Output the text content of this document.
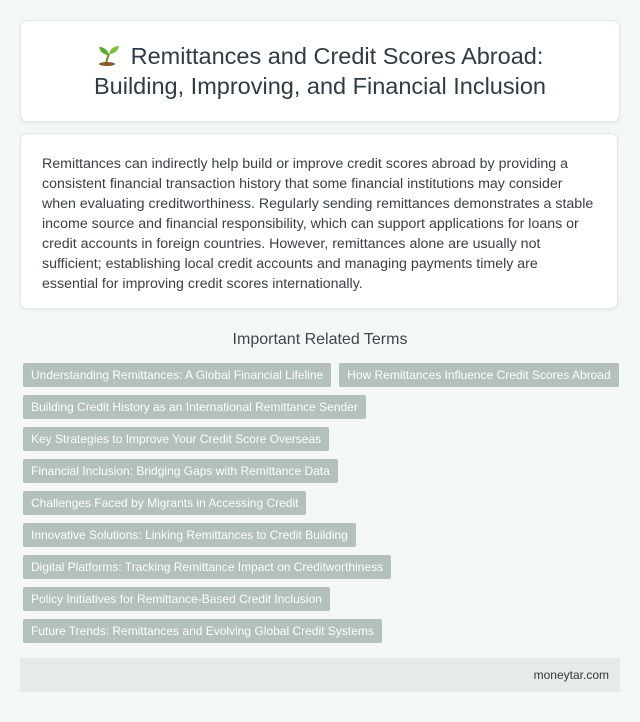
Remittances and Credit Scores Abroad: Building, Improving, and Financial Inclusion

Remittances can indirectly help build or improve credit scores abroad by providing a consistent financial transaction history that some financial institutions may consider when evaluating creditworthiness. Regularly sending remittances demonstrates a stable income source and financial responsibility, which can support applications for loans or credit accounts in foreign countries. However, remittances alone are usually not sufficient; establishing local credit accounts and managing payments timely are essential for improving credit scores internationally.

Important Related Terms
Understanding Remittances: A Global Financial Lifeline	How Remittances Influence Credit Scores Abroad
Building Credit History as an International Remittance Sender
Key Strategies to Improve Your Credit Score Overseas
Financial Inclusion: Bridging Gaps with Remittance Data
Challenges Faced by Migrants in Accessing Credit
Innovative Solutions: Linking Remittances to Credit Building
Digital Platforms: Tracking Remittance Impact on Creditworthiness
Policy Initiatives for Remittance-Based Credit Inclusion
Future Trends: Remittances and Evolving Global Credit Systems
moneytar.com
